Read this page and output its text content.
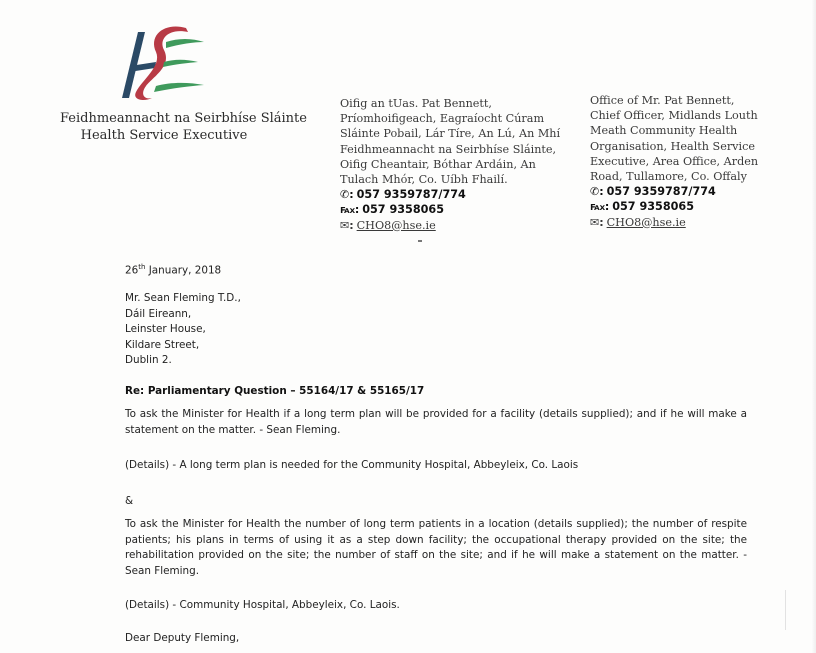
Feidhmeannacht na Seirbhíse Sláinte
Health Service Executive
Oifig an tUas. Pat Bennett,
Príomhoifigeach, Eagraíocht Cúram
Sláinte Pobail, Lár Tíre, An Lú, An Mhí
Feidhmeannacht na Seirbhíse Sláinte,
Oifig Cheantair, Bóthar Ardáin, An
Tulach Mhór, Co. Uíbh Fhailí.
✆: 057 9359787/774
℻: 057 9358065
✉: CHO8@hse.ie
Office of Mr. Pat Bennett,
Chief Officer, Midlands Louth
Meath Community Health
Organisation, Health Service
Executive, Area Office, Arden
Road, Tullamore, Co. Offaly
✆: 057 9359787/774
℻: 057 9358065
✉: CHO8@hse.ie
26th January, 2018
Mr. Sean Fleming T.D.,
Dáil Eireann,
Leinster House,
Kildare Street,
Dublin 2.
Re: Parliamentary Question – 55164/17 & 55165/17
To ask the Minister for Health if a long term plan will be provided for a facility (details supplied); and if he will make a statement on the matter. - Sean Fleming.
(Details) - A long term plan is needed for the Community Hospital, Abbeyleix, Co. Laois
&
To ask the Minister for Health the number of long term patients in a location (details supplied); the number of respite patients; his plans in terms of using it as a step down facility; the occupational therapy provided on the site; the rehabilitation provided on the site; the number of staff on the site; and if he will make a statement on the matter. - Sean Fleming.
(Details) - Community Hospital, Abbeyleix, Co. Laois.
Dear Deputy Fleming,
